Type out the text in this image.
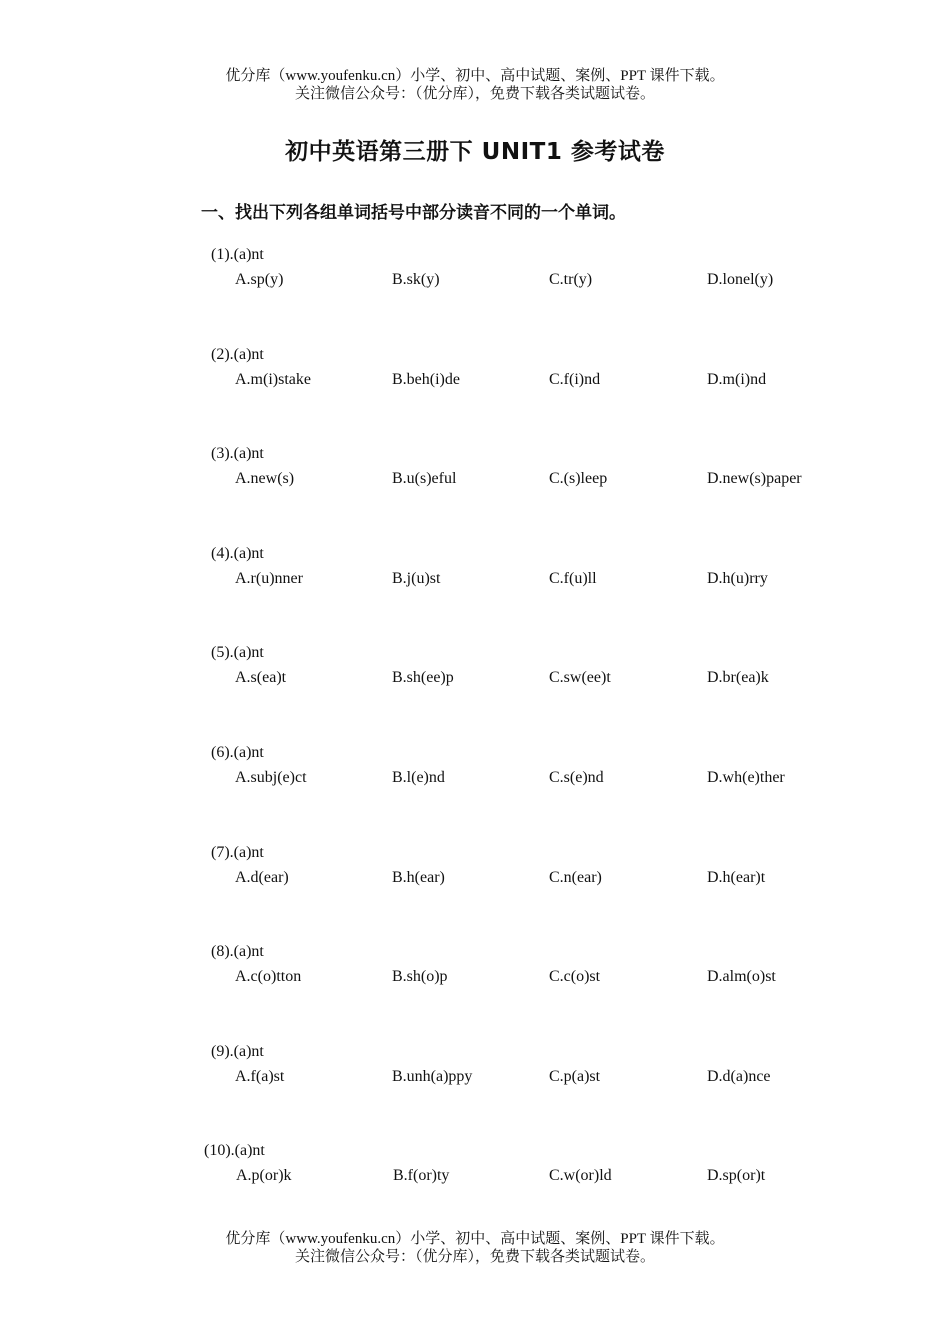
优分库（www.youfenku.cn）小学、初中、高中试题、案例、PPT 课件下载。
关注微信公众号：（优分库），免费下载各类试题试卷。
初中英语第三册下 UNIT1 参考试卷
一、找出下列各组单词括号中部分读音不同的一个单词。
(1).(a)nt
A.sp(y)	B.sk(y)	C.tr(y)	D.lonel(y)
(2).(a)nt
A.m(i)stake	B.beh(i)de	C.f(i)nd	D.m(i)nd
(3).(a)nt
A.new(s)	B.u(s)eful	C.(s)leep	D.new(s)paper
(4).(a)nt
A.r(u)nner	B.j(u)st	C.f(u)ll	D.h(u)rry
(5).(a)nt
A.s(ea)t	B.sh(ee)p	C.sw(ee)t	D.br(ea)k
(6).(a)nt
A.subj(e)ct	B.l(e)nd	C.s(e)nd	D.wh(e)ther
(7).(a)nt
A.d(ear)	B.h(ear)	C.n(ear)	D.h(ear)t
(8).(a)nt
A.c(o)tton	B.sh(o)p	C.c(o)st	D.alm(o)st
(9).(a)nt
A.f(a)st	B.unh(a)ppy	C.p(a)st	D.d(a)nce
(10).(a)nt
A.p(or)k	B.f(or)ty	C.w(or)ld	D.sp(or)t
优分库（www.youfenku.cn）小学、初中、高中试题、案例、PPT 课件下载。
关注微信公众号：（优分库），免费下载各类试题试卷。
